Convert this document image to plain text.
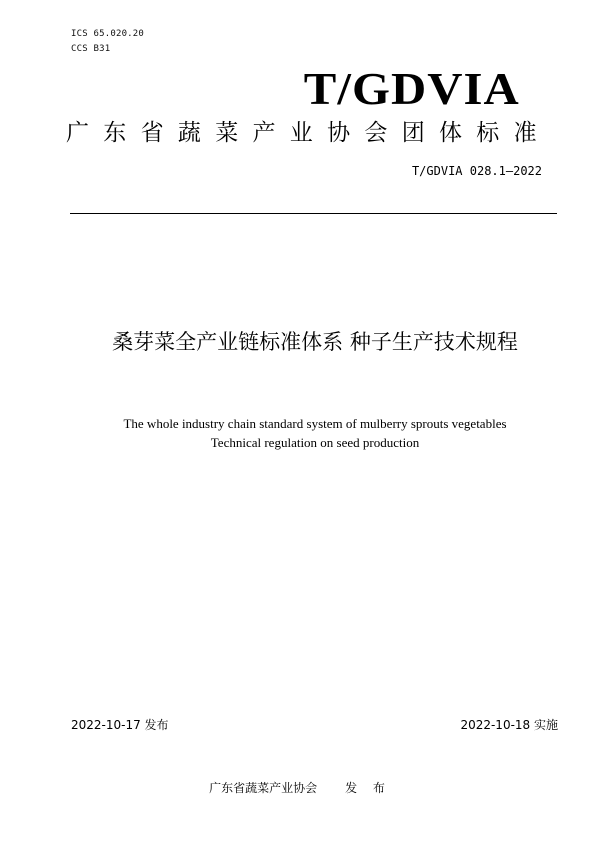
ICS 65.020.20
CCS B31
T/GDVIA
广东省蔬菜产业协会团体标准
T/GDVIA 028.1—2022
桑芽菜全产业链标准体系 种子生产技术规程
The whole industry chain standard system of mulberry sprouts vegetables
Technical regulation on seed production
2022-10-17 发布	2022-10-18 实施
广东省蔬菜产业协会 发 布
